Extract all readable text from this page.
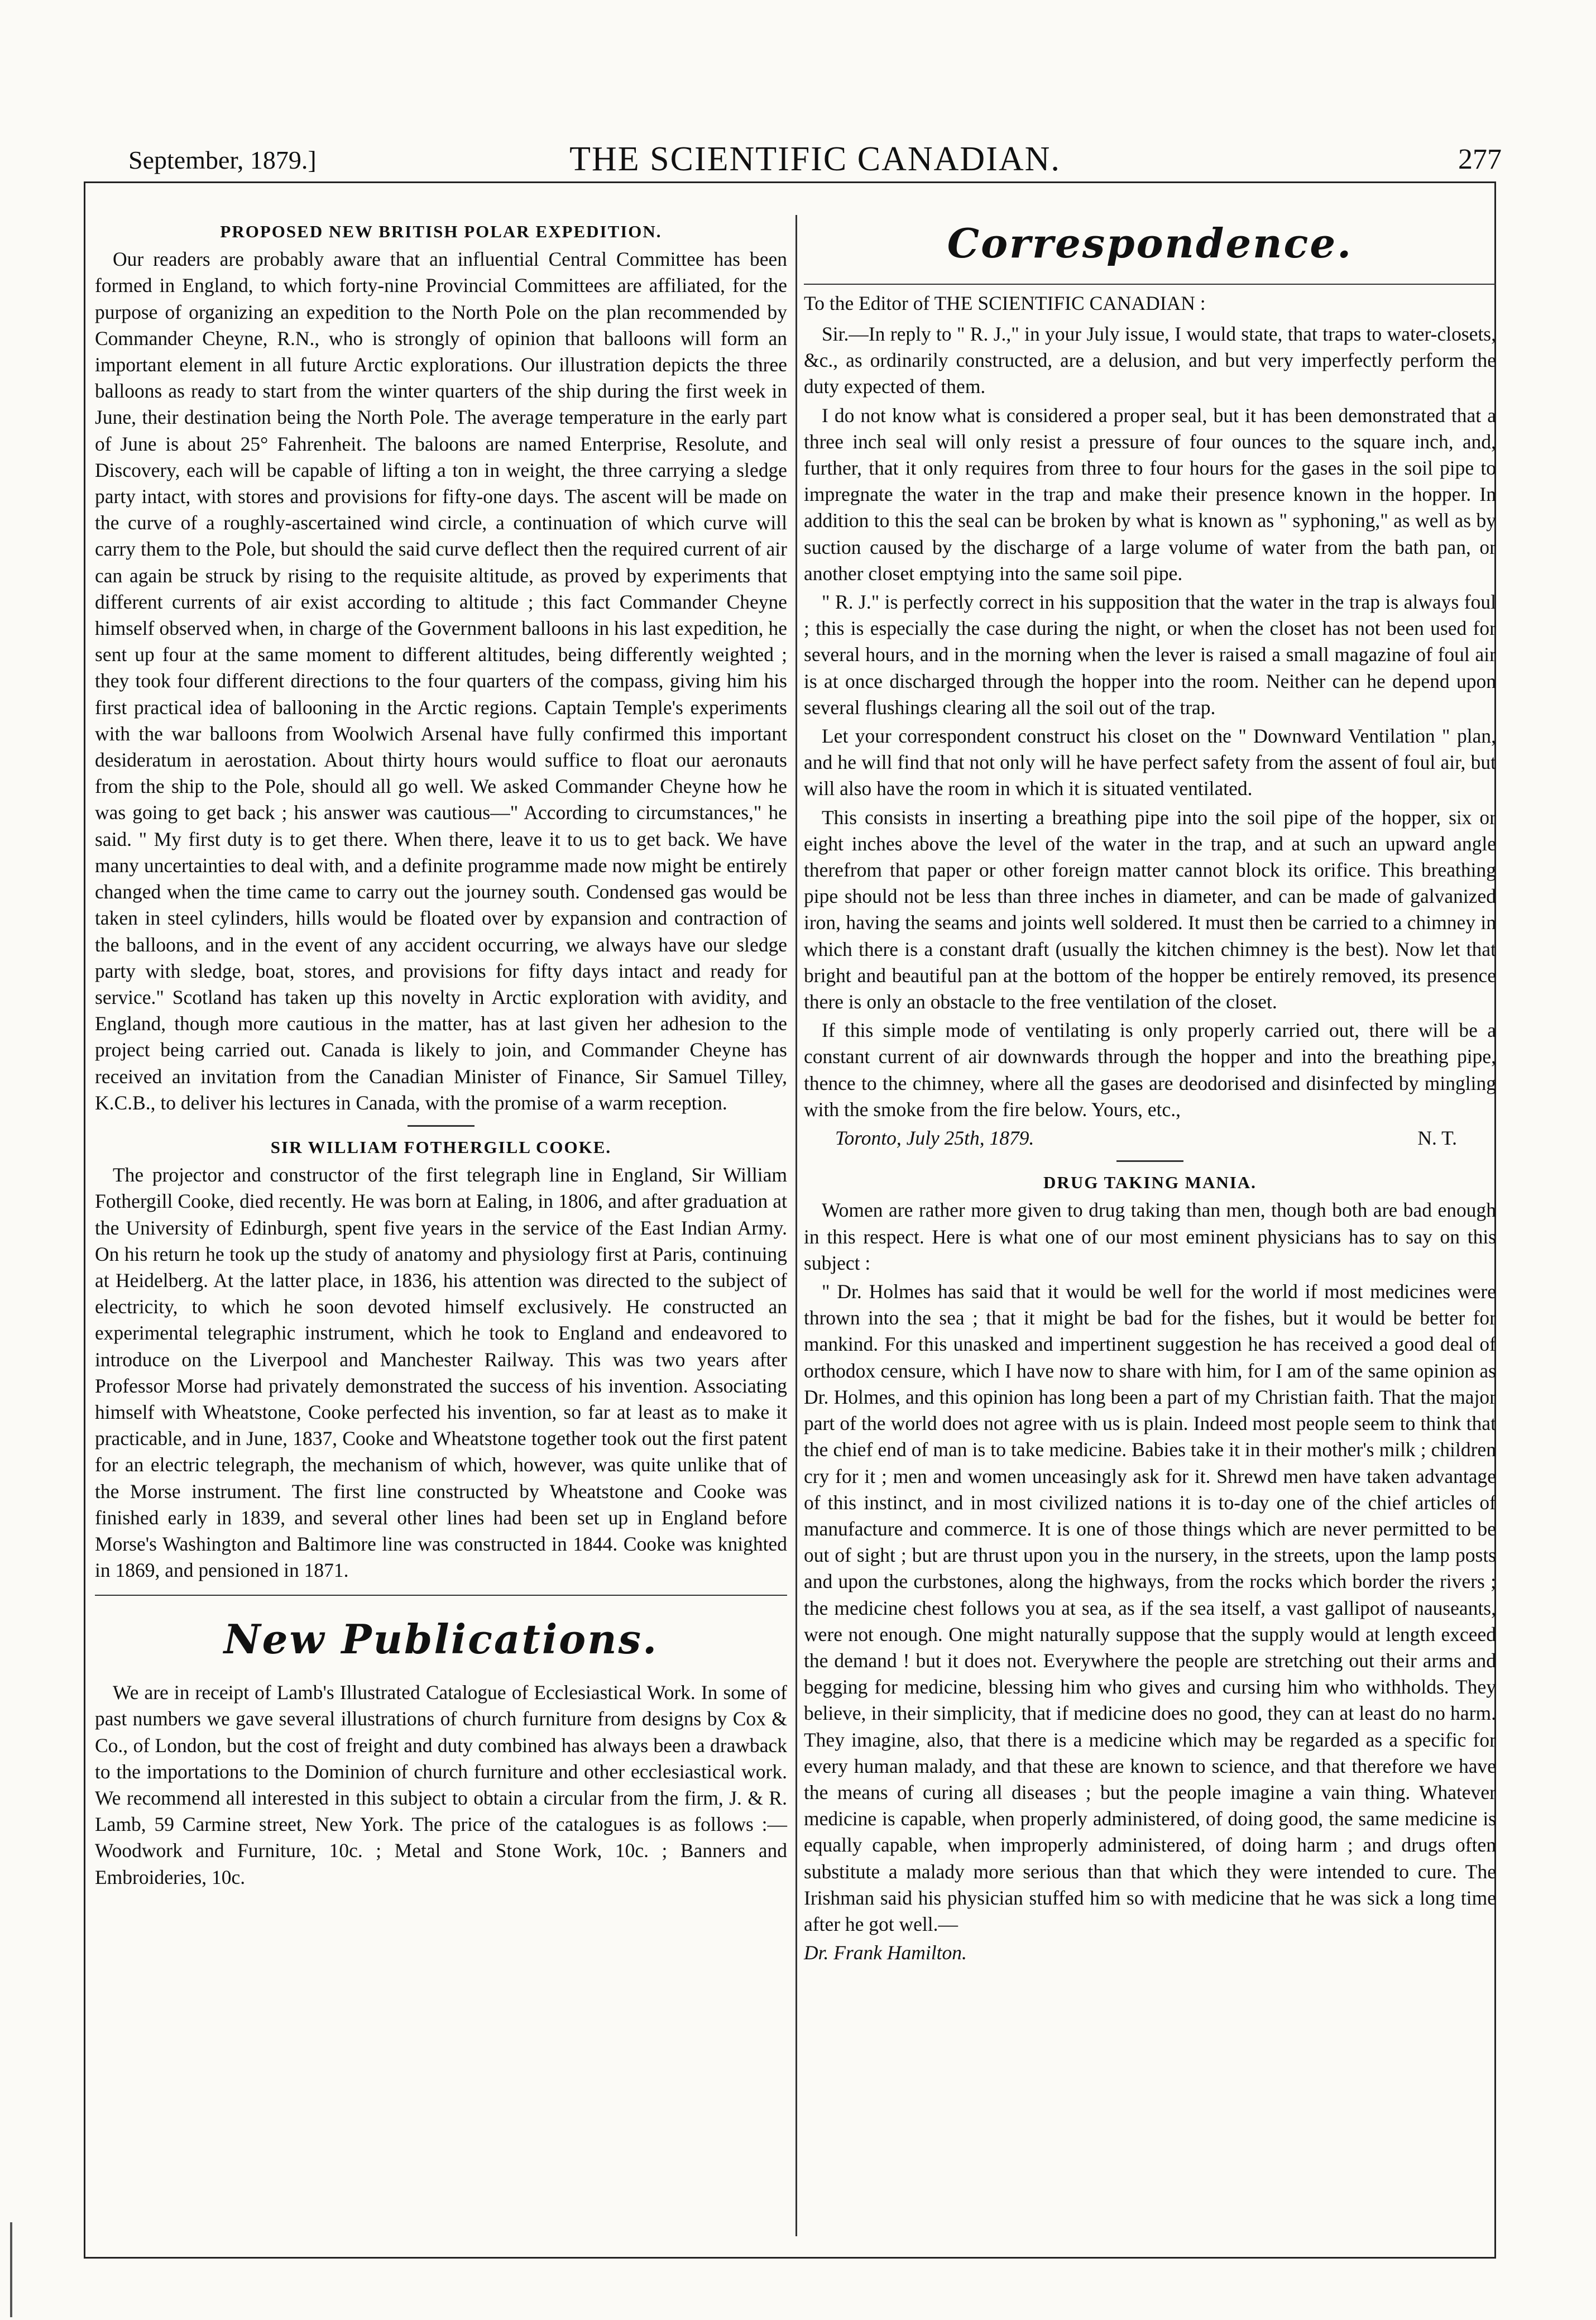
September, 1879.]	THE SCIENTIFIC CANADIAN.	277
PROPOSED NEW BRITISH POLAR EXPEDITION.

Our readers are probably aware that an influential Central Committee has been formed in England, to which forty-nine Provincial Committees are affiliated, for the purpose of organizing an expedition to the North Pole on the plan recommended by Commander Cheyne, R.N., who is strongly of opinion that balloons will form an important element in all future Arctic explorations. Our illustration depicts the three balloons as ready to start from the winter quarters of the ship during the first week in June, their destination being the North Pole. The average temperature in the early part of June is about 25° Fahrenheit. The baloons are named Enterprise, Resolute, and Discovery, each will be capable of lifting a ton in weight, the three carrying a sledge party intact, with stores and provisions for fifty-one days. The ascent will be made on the curve of a roughly-ascertained wind circle, a continuation of which curve will carry them to the Pole, but should the said curve deflect then the required current of air can again be struck by rising to the requisite altitude, as proved by experiments that different currents of air exist according to altitude ; this fact Commander Cheyne himself observed when, in charge of the Government balloons in his last expedition, he sent up four at the same moment to different altitudes, being differently weighted ; they took four different directions to the four quarters of the compass, giving him his first practical idea of ballooning in the Arctic regions. Captain Temple's experiments with the war balloons from Woolwich Arsenal have fully confirmed this important desideratum in aerostation. About thirty hours would suffice to float our aeronauts from the ship to the Pole, should all go well. We asked Commander Cheyne how he was going to get back ; his answer was cautious—" According to circumstances," he said. " My first duty is to get there. When there, leave it to us to get back. We have many uncertainties to deal with, and a definite programme made now might be entirely changed when the time came to carry out the journey south. Condensed gas would be taken in steel cylinders, hills would be floated over by expansion and contraction of the balloons, and in the event of any accident occurring, we always have our sledge party with sledge, boat, stores, and provisions for fifty days intact and ready for service." Scotland has taken up this novelty in Arctic exploration with avidity, and England, though more cautious in the matter, has at last given her adhesion to the project being carried out. Canada is likely to join, and Commander Cheyne has received an invitation from the Canadian Minister of Finance, Sir Samuel Tilley, K.C.B., to deliver his lectures in Canada, with the promise of a warm reception.

SIR WILLIAM FOTHERGILL COOKE.

The projector and constructor of the first telegraph line in England, Sir William Fothergill Cooke, died recently. He was born at Ealing, in 1806, and after graduation at the University of Edinburgh, spent five years in the service of the East Indian Army. On his return he took up the study of anatomy and physiology first at Paris, continuing at Heidelberg. At the latter place, in 1836, his attention was directed to the subject of electricity, to which he soon devoted himself exclusively. He constructed an experimental telegraphic instrument, which he took to England and endeavored to introduce on the Liverpool and Manchester Railway. This was two years after Professor Morse had privately demonstrated the success of his invention. Associating himself with Wheatstone, Cooke perfected his invention, so far at least as to make it practicable, and in June, 1837, Cooke and Wheatstone together took out the first patent for an electric telegraph, the mechanism of which, however, was quite unlike that of the Morse instrument. The first line constructed by Wheatstone and Cooke was finished early in 1839, and several other lines had been set up in England before Morse's Washington and Baltimore line was constructed in 1844. Cooke was knighted in 1869, and pensioned in 1871.

New Publications.

We are in receipt of Lamb's Illustrated Catalogue of Ecclesiastical Work. In some of past numbers we gave several illustrations of church furniture from designs by Cox & Co., of London, but the cost of freight and duty combined has always been a drawback to the importations to the Dominion of church furniture and other ecclesiastical work. We recommend all interested in this subject to obtain a circular from the firm, J. & R. Lamb, 59 Carmine street, New York. The price of the catalogues is as follows :—Woodwork and Furniture, 10c. ; Metal and Stone Work, 10c. ; Banners and Embroideries, 10c.

Correspondence.

To the Editor of THE SCIENTIFIC CANADIAN :

Sir.—In reply to " R. J.," in your July issue, I would state, that traps to water-closets, &c., as ordinarily constructed, are a delusion, and but very imperfectly perform the duty expected of them.

I do not know what is considered a proper seal, but it has been demonstrated that a three inch seal will only resist a pressure of four ounces to the square inch, and, further, that it only requires from three to four hours for the gases in the soil pipe to impregnate the water in the trap and make their presence known in the hopper. In addition to this the seal can be broken by what is known as " syphoning," as well as by suction caused by the discharge of a large volume of water from the bath pan, or another closet emptying into the same soil pipe.

" R. J." is perfectly correct in his supposition that the water in the trap is always foul ; this is especially the case during the night, or when the closet has not been used for several hours, and in the morning when the lever is raised a small magazine of foul air is at once discharged through the hopper into the room. Neither can he depend upon several flushings clearing all the soil out of the trap.

Let your correspondent construct his closet on the " Downward Ventilation " plan, and he will find that not only will he have perfect safety from the assent of foul air, but will also have the room in which it is situated ventilated.

This consists in inserting a breathing pipe into the soil pipe of the hopper, six or eight inches above the level of the water in the trap, and at such an upward angle therefrom that paper or other foreign matter cannot block its orifice. This breathing pipe should not be less than three inches in diameter, and can be made of galvanized iron, having the seams and joints well soldered. It must then be carried to a chimney in which there is a constant draft (usually the kitchen chimney is the best). Now let that bright and beautiful pan at the bottom of the hopper be entirely removed, its presence there is only an obstacle to the free ventilation of the closet.

If this simple mode of ventilating is only properly carried out, there will be a constant current of air downwards through the hopper and into the breathing pipe, thence to the chimney, where all the gases are deodorised and disinfected by mingling with the smoke from the fire below. Yours, etc.,

Toronto, July 25th, 1879.	N. T.
DRUG TAKING MANIA.

Women are rather more given to drug taking than men, though both are bad enough in this respect. Here is what one of our most eminent physicians has to say on this subject :

" Dr. Holmes has said that it would be well for the world if most medicines were thrown into the sea ; that it might be bad for the fishes, but it would be better for mankind. For this unasked and impertinent suggestion he has received a good deal of orthodox censure, which I have now to share with him, for I am of the same opinion as Dr. Holmes, and this opinion has long been a part of my Christian faith. That the major part of the world does not agree with us is plain. Indeed most people seem to think that the chief end of man is to take medicine. Babies take it in their mother's milk ; children cry for it ; men and women unceasingly ask for it. Shrewd men have taken advantage of this instinct, and in most civilized nations it is to-day one of the chief articles of manufacture and commerce. It is one of those things which are never permitted to be out of sight ; but are thrust upon you in the nursery, in the streets, upon the lamp posts and upon the curbstones, along the highways, from the rocks which border the rivers ; the medicine chest follows you at sea, as if the sea itself, a vast gallipot of nauseants, were not enough. One might naturally suppose that the supply would at length exceed the demand ! but it does not. Everywhere the people are stretching out their arms and begging for medicine, blessing him who gives and cursing him who withholds. They believe, in their simplicity, that if medicine does no good, they can at least do no harm. They imagine, also, that there is a medicine which may be regarded as a specific for every human malady, and that these are known to science, and that therefore we have the means of curing all diseases ; but the people imagine a vain thing. Whatever medicine is capable, when properly administered, of doing good, the same medicine is equally capable, when improperly administered, of doing harm ; and drugs often substitute a malady more serious than that which they were intended to cure. The Irishman said his physician stuffed him so with medicine that he was sick a long time after he got well.—

Dr. Frank Hamilton.
